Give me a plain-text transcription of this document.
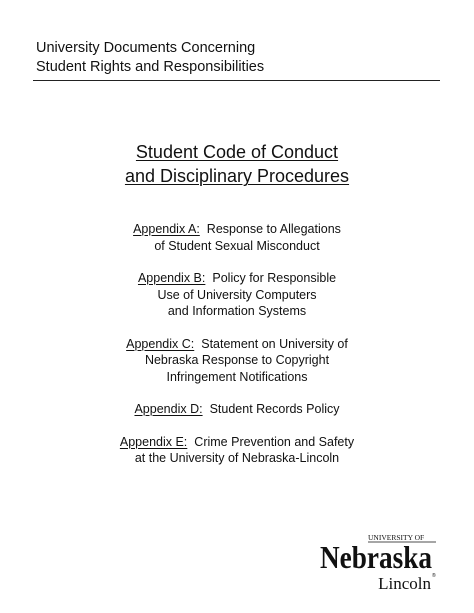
University Documents Concerning
Student Rights and Responsibilities
Student Code of Conduct
and Disciplinary Procedures
Appendix A: Response to Allegations
of Student Sexual Misconduct
Appendix B: Policy for Responsible
Use of University Computers
and Information Systems
Appendix C: Statement on University of
Nebraska Response to Copyright
Infringement Notifications
Appendix D: Student Records Policy
Appendix E: Crime Prevention and Safety
at the University of Nebraska-Lincoln
UNIVERSITY OF
Nebraska
®
Lincoln
